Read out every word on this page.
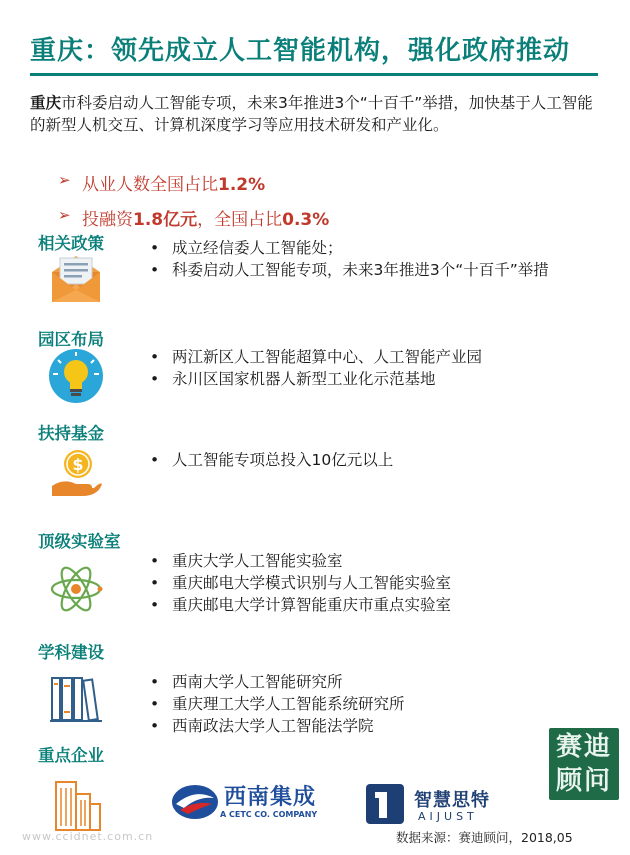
重庆：领先成立人工智能机构，强化政府推动
重庆市科委启动人工智能专项，未来3年推进3个“十百千”举措，加快基于人工智能的新型人机交互、计算机深度学习等应用技术研发和产业化。
➢ 从业人数全国占比1.2%
➢ 投融资1.8亿元，全国占比0.3%
相关政策	• 成立经信委人工智能处；
• 科委启动人工智能专项，未来3年推进3个“十百千”举措
园区布局
• 两江新区人工智能超算中心、人工智能产业园
• 永川区国家机器人新型工业化示范基地
扶持基金
$	• 人工智能专项总投入10亿元以上
顶级实验室
• 重庆大学人工智能实验室
• 重庆邮电大学模式识别与人工智能实验室
• 重庆邮电大学计算智能重庆市重点实验室
学科建设
• 西南大学人工智能研究所
• 重庆理工大学人工智能系统研究所
• 西南政法大学人工智能法学院
重点企业
西南集成
A CETC CO. COMPANY
智慧思特
AIJUST
赛迪顾问
www.ccidnet.com.cn	数据来源：赛迪顾问，2018,05
